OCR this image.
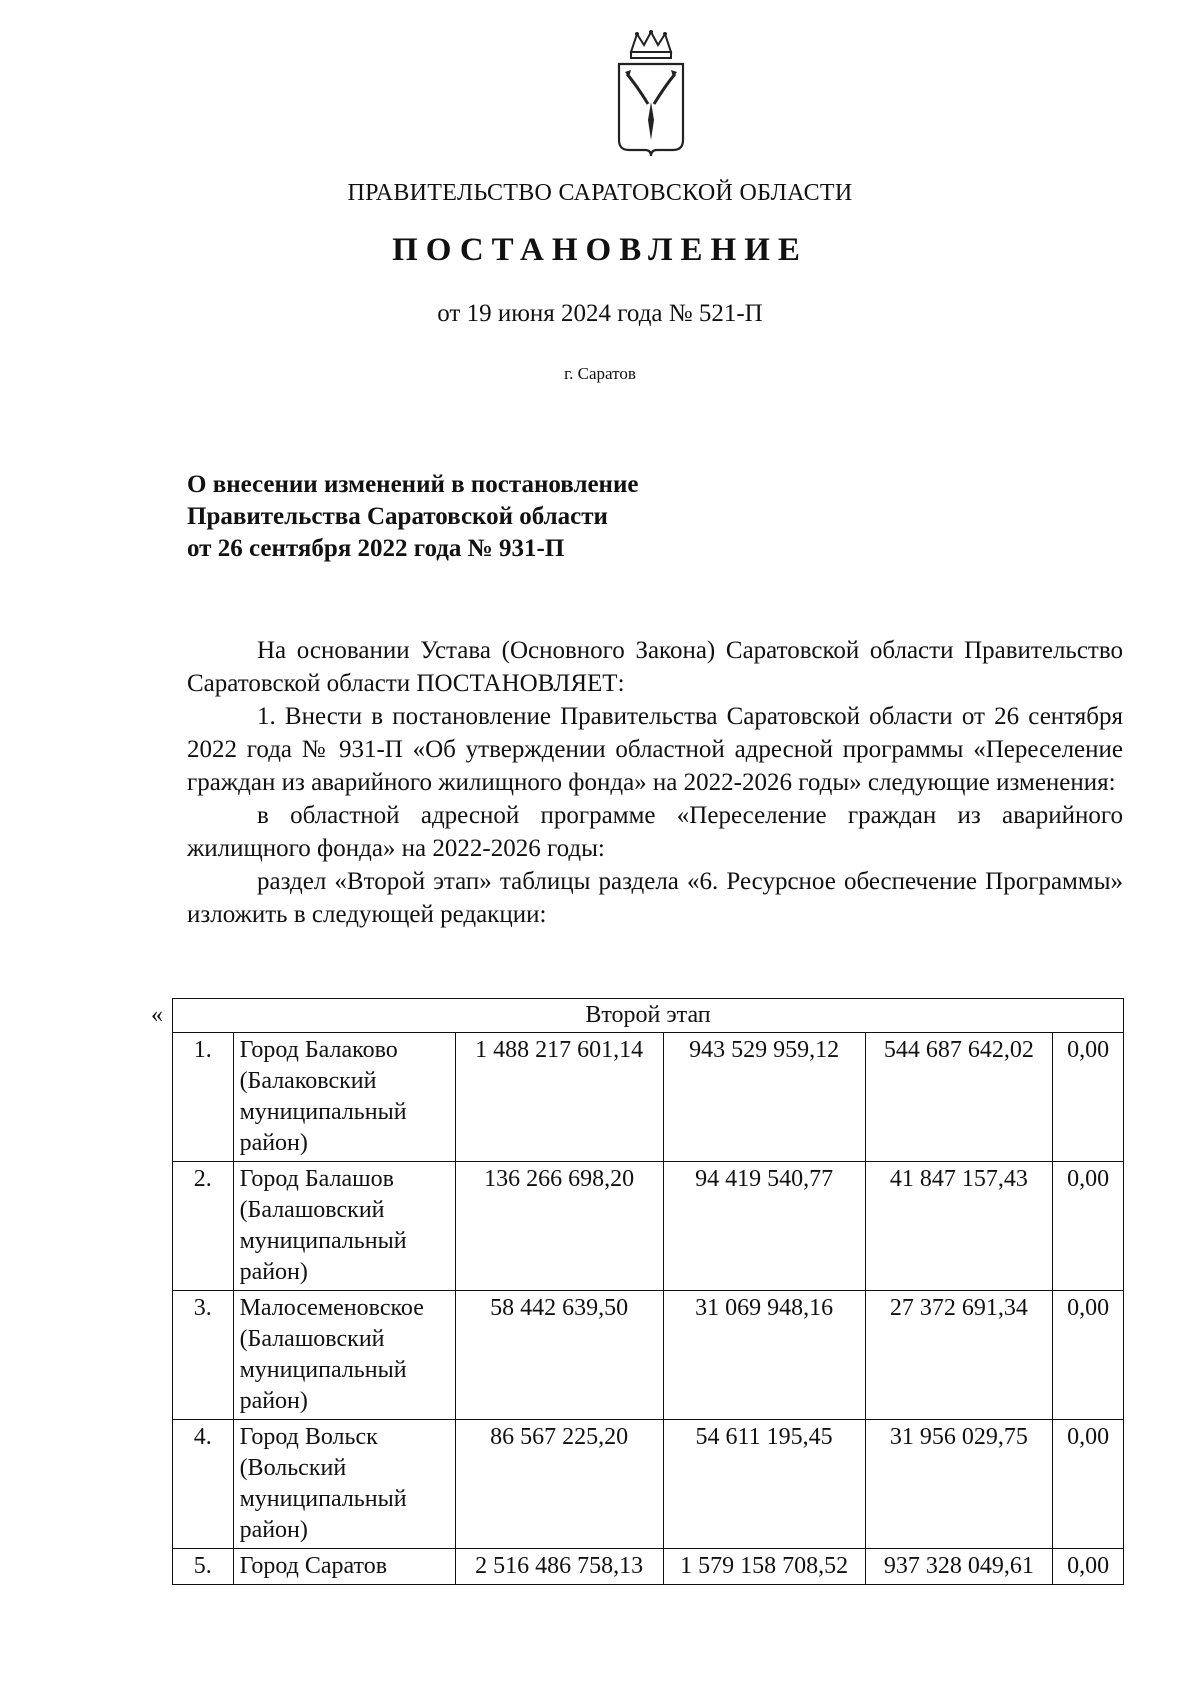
ПРАВИТЕЛЬСТВО САРАТОВСКОЙ ОБЛАСТИ
ПОСТАНОВЛЕНИЕ
от 19 июня 2024 года № 521-П
г. Саратов
О внесении изменений в постановление
Правительства Саратовской области
от 26 сентября 2022 года № 931-П

На основании Устава (Основного Закона) Саратовской области Правительство Саратовской области ПОСТАНОВЛЯЕТ:

1. Внести в постановление Правительства Саратовской области от 26 сентября 2022 года № 931-П «Об утверждении областной адресной программы «Переселение граждан из аварийного жилищного фонда» на 2022-2026 годы» следующие изменения:

в областной адресной программе «Переселение граждан из аварийного жилищного фонда» на 2022-2026 годы:

раздел «Второй этап» таблицы раздела «6. Ресурсное обеспечение Программы» изложить в следующей редакции:

«	Второй этап					
1.	Город Балаково (Балаковский муниципальный район)	1 488 217 601,14	943 529 959,12	544 687 642,02	0,00
2.	Город Балашов (Балашовский муниципальный район)	136 266 698,20	94 419 540,77	41 847 157,43	0,00
3.	Малосеменовское (Балашовский муниципальный район)	58 442 639,50	31 069 948,16	27 372 691,34	0,00
4.	Город Вольск (Вольский муниципальный район)	86 567 225,20	54 611 195,45	31 956 029,75	0,00
5.	Город Саратов	2 516 486 758,13	1 579 158 708,52	937 328 049,61	0,00
